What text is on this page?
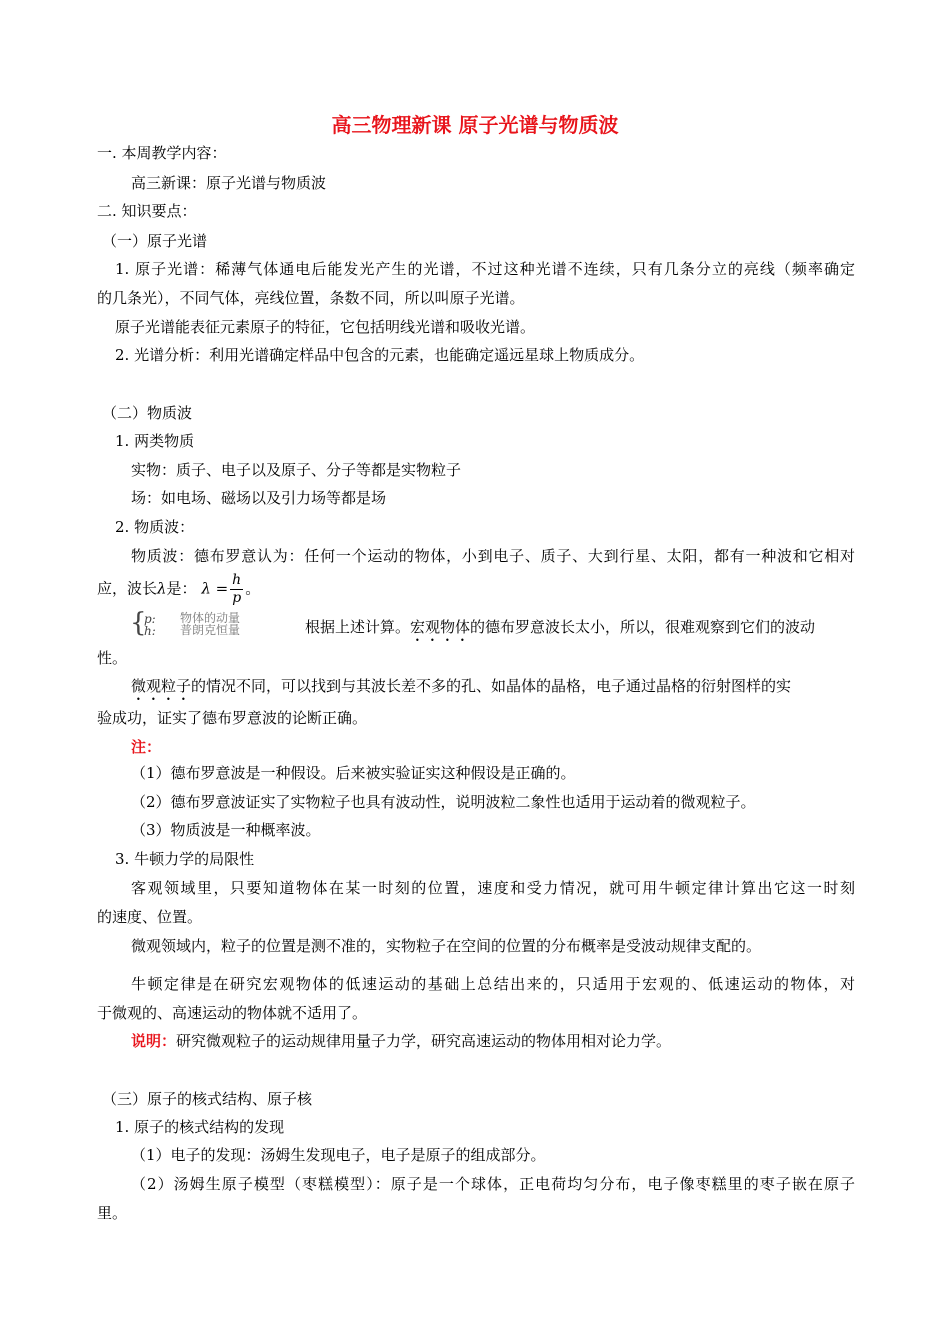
高三物理新课 原子光谱与物质波
一. 本周教学内容：
高三新课：原子光谱与物质波
二. 知识要点：
（一）原子光谱
1. 原子光谱：稀薄气体通电后能发光产生的光谱，不过这种光谱不连续，只有几条分立的亮线（频率确定
的几条光），不同气体，亮线位置，条数不同，所以叫原子光谱。
原子光谱能表征元素原子的特征，它包括明线光谱和吸收光谱。
2. 光谱分析：利用光谱确定样品中包含的元素，也能确定遥远星球上物质成分。
（二）物质波
1. 两类物质
实物：质子、电子以及原子、分子等都是实物粒子
场：如电场、磁场以及引力场等都是场
2. 物质波：
物质波：德布罗意认为：任何一个运动的物体，小到电子、质子、大到行星、太阳，都有一种波和它相对
应，波长λ是： $\lambda = \frac{h}{p}$ 。
{
p:
h:
物体的动量
普朗克恒量	根据上述计算。宏观物体的德布罗意波长太小，所以，很难观察到它们的波动
性。
微观粒子的情况不同，可以找到与其波长差不多的孔、如晶体的晶格，电子通过晶格的衍射图样的实
验成功，证实了德布罗意波的论断正确。
注：
（1）德布罗意波是一种假设。后来被实验证实这种假设是正确的。
（2）德布罗意波证实了实物粒子也具有波动性，说明波粒二象性也适用于运动着的微观粒子。
（3）物质波是一种概率波。
3. 牛顿力学的局限性
客观领域里，只要知道物体在某一时刻的位置，速度和受力情况，就可用牛顿定律计算出它这一时刻
的速度、位置。
微观领域内，粒子的位置是测不准的，实物粒子在空间的位置的分布概率是受波动规律支配的。
牛顿定律是在研究宏观物体的低速运动的基础上总结出来的，只适用于宏观的、低速运动的物体，对
于微观的、高速运动的物体就不适用了。
说明：研究微观粒子的运动规律用量子力学，研究高速运动的物体用相对论力学。
（三）原子的核式结构、原子核
1. 原子的核式结构的发现
（1）电子的发现：汤姆生发现电子，电子是原子的组成部分。
（2）汤姆生原子模型（枣糕模型）：原子是一个球体，正电荷均匀分布，电子像枣糕里的枣子嵌在原子
里。
